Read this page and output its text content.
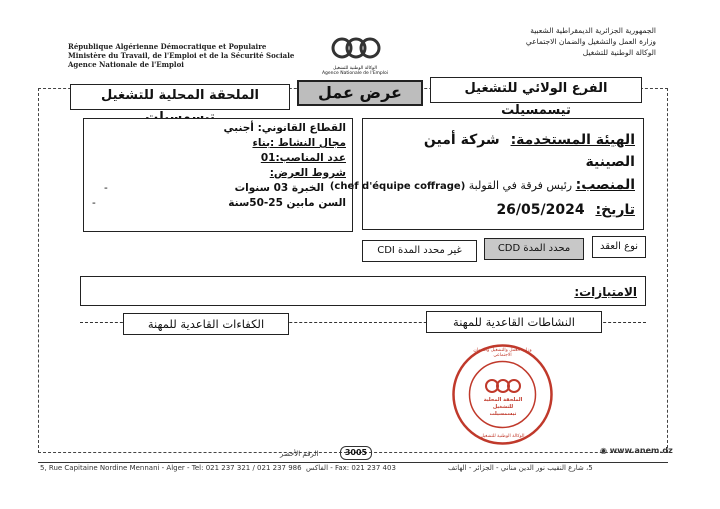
République Algérienne Démocratique et Populaire
Ministère du Travail, de l'Emploi et de la Sécurité Sociale
Agence Nationale de l'Emploi	الوكالة الوطنية للتشغيل
Agence Nationale de l'Emploi
الجمهورية الجزائرية الديمقراطية الشعبية
وزارة العمل والتشغيل والضمان الاجتماعي
الوكالة الوطنية للتشغيل
الملحقة المحلية للتشغيل	عرض عمل	الفرع الولائي للتشغيل تيسمسيلت
القطاع القانوني: أجنبي
مجال النشاط :بناء
عدد المناصب:01
شروط العرض:
الخبرة 03 سنوات
-
السن مابين 25-50سنة
-
الهيئة المستخدمة: شركة أمين الصينية
المنصب: رئيس فرقة في القولبة (chef d'équipe coffrage)
تاريخ: 26/05/2024
نوع العقد
محدد المدة CDD
غير محدد المدة CDI
الامتيازات:
الكفاءات القاعدية للمهنة	النشاطات القاعدية للمهنة
الملحقة المحلية للتشغيل
تيسمسيلت
وزارة العمل والتشغيل والضمان الاجتماعي
الوكالة الوطنية للتشغيل
◉ www.anem.dz
الرقم الأخضر	3005
5, Rue Capitaine Nordine Mennani - Alger - Tel: 021 237 321 / 021 237 986 Fax: 021 237 403 - الفاكس	5، شارع النقيب نور الدين مناني - الجزائر - الهاتف
